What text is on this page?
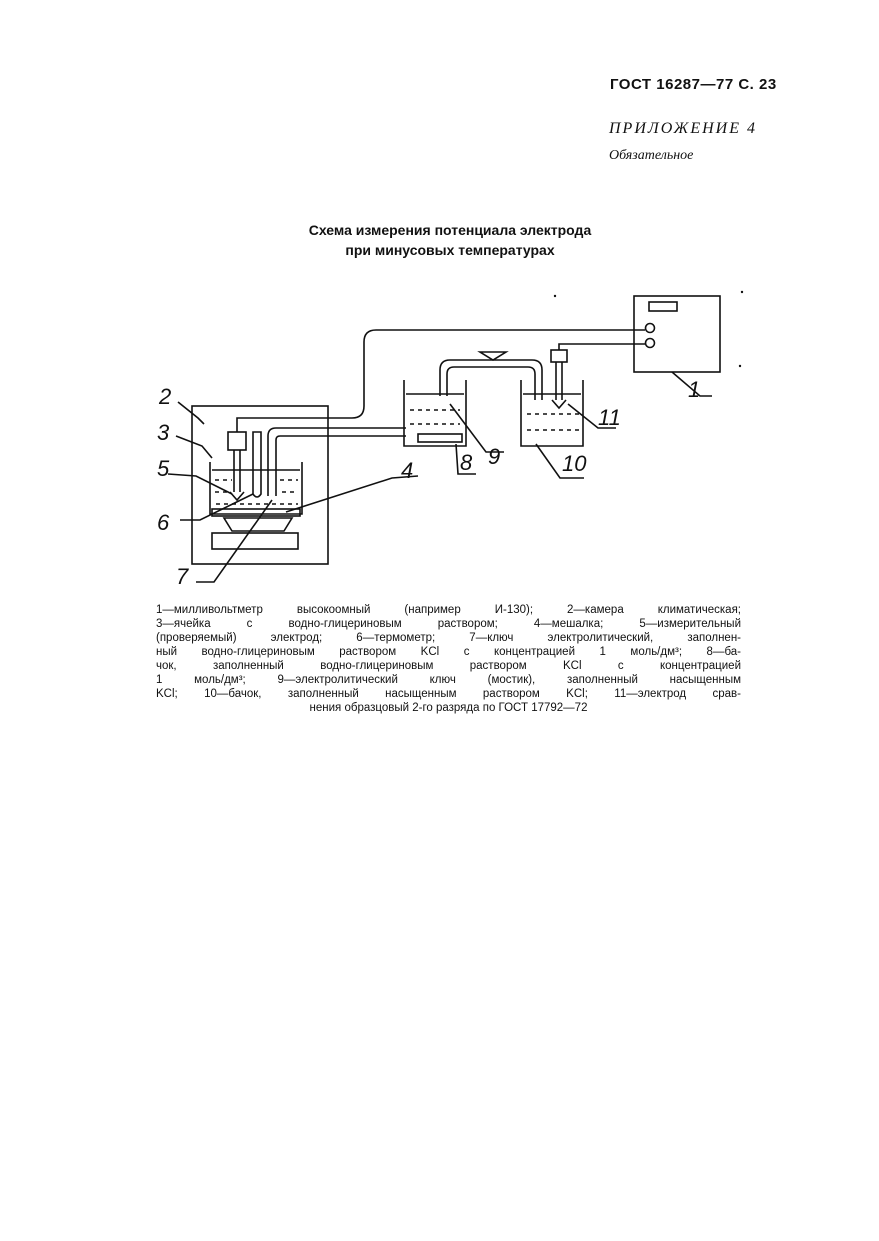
ГОСТ 16287—77 С. 23
ПРИЛОЖЕНИЕ 4
Обязательное
Схема измерения потенциала электрода
при минусовых температурах
1
2
3
4
5
6
7
8 9	10
11
1—милливольтметр высокоомный (например И-130); 2—камера климатическая;
3—ячейка с водно-глицериновым раствором; 4—мешалка; 5—измерительный
(проверяемый) электрод; 6—термометр; 7—ключ электролитический, заполнен-
ный водно-глицериновым раствором KCl с концентрацией 1 моль/дм³; 8—ба-
чок, заполненный водно-глицериновым раствором KCl с концентрацией
1 моль/дм³; 9—электролитический ключ (мостик), заполненный насыщенным
KCl; 10—бачок, заполненный насыщенным раствором KCl; 11—электрод срав-
нения образцовый 2-го разряда по ГОСТ 17792—72
